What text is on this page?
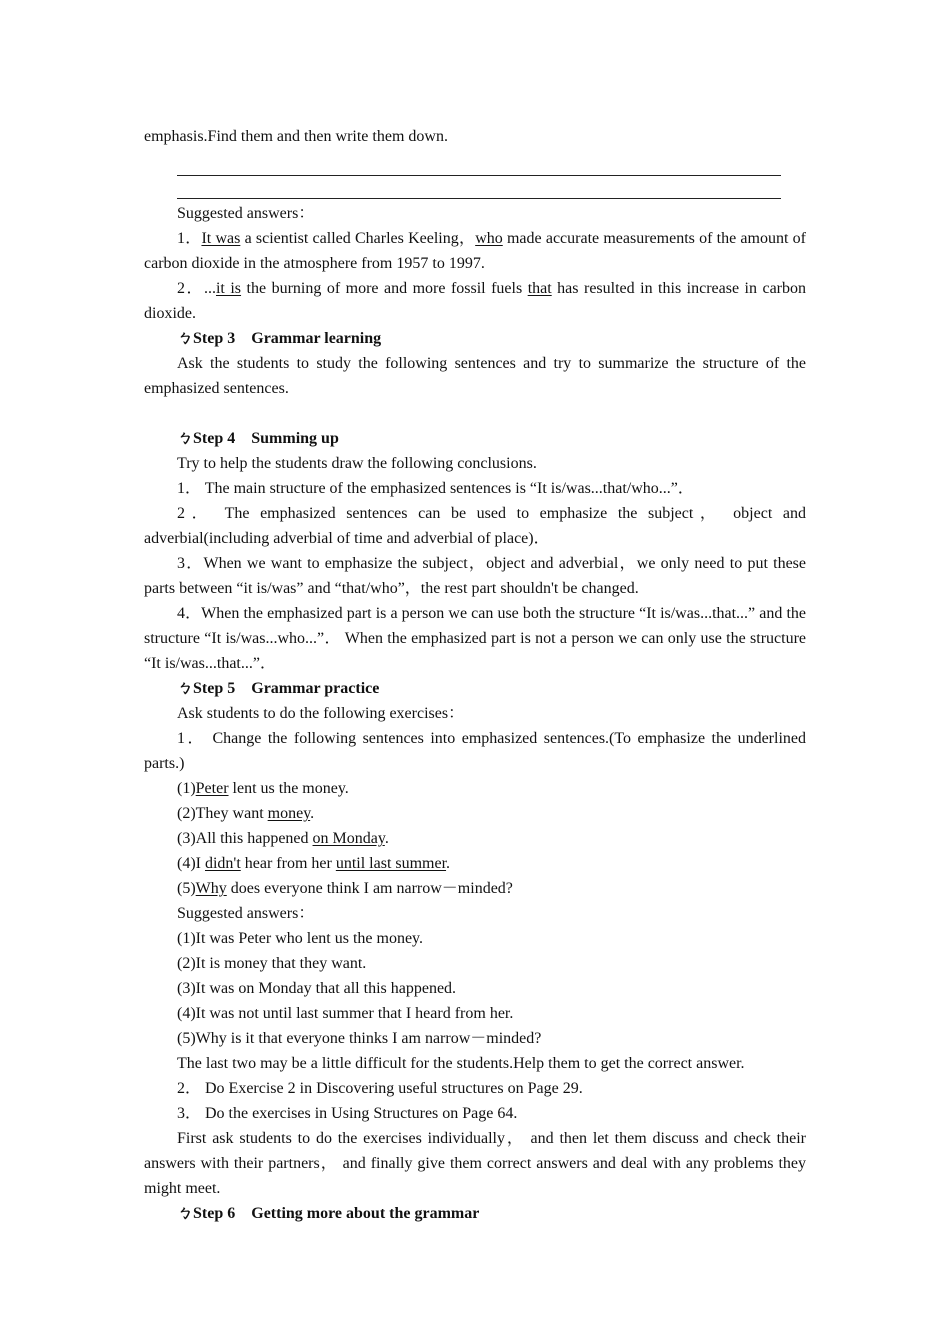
emphasis.Find them and then write them down.

Suggested answers：

1．It was a scientist called Charles Keeling，who made accurate measurements of the amount of carbon dioxide in the atmosphere from 1957 to 1997.

2．...it is the burning of more and more fossil fuels that has resulted in this increase in carbon dioxide.

ㄅStep 3　Grammar learning

Ask the students to study the following sentences and try to summarize the structure of the emphasized sentences.

ㄅStep 4　Summing up

Try to help the students draw the following conclusions.

1． The main structure of the emphasized sentences is “It is/was...that/who...”．

2． The emphasized sentences can be used to emphasize the subject， object and adverbial(including adverbial of time and adverbial of place)．

3．When we want to emphasize the subject，object and adverbial，we only need to put these parts between “it is/was” and “that/who”，the rest part shouldn't be changed.

4．When the emphasized part is a person we can use both the structure “It is/was...that...” and the structure “It is/was...who...”． When the emphasized part is not a person we can only use the structure “It is/was...that...”．

ㄅStep 5　Grammar practice

Ask students to do the following exercises：

1． Change the following sentences into emphasized sentences.(To emphasize the underlined parts.)

(1)Peter lent us the money.

(2)They want money.

(3)All this happened on Monday.

(4)I didn't hear from her until last summer.

(5)Why does everyone think I am narrow－minded?

Suggested answers：

(1)It was Peter who lent us the money.

(2)It is money that they want.

(3)It was on Monday that all this happened.

(4)It was not until last summer that I heard from her.

(5)Why is it that everyone thinks I am narrow－minded?

The last two may be a little difficult for the students.Help them to get the correct answer.

2． Do Exercise 2 in Discovering useful structures on Page 29.

3． Do the exercises in Using Structures on Page 64.

First ask students to do the exercises individually， and then let them discuss and check their answers with their partners， and finally give them correct answers and deal with any problems they might meet.

ㄅStep 6　Getting more about the grammar
